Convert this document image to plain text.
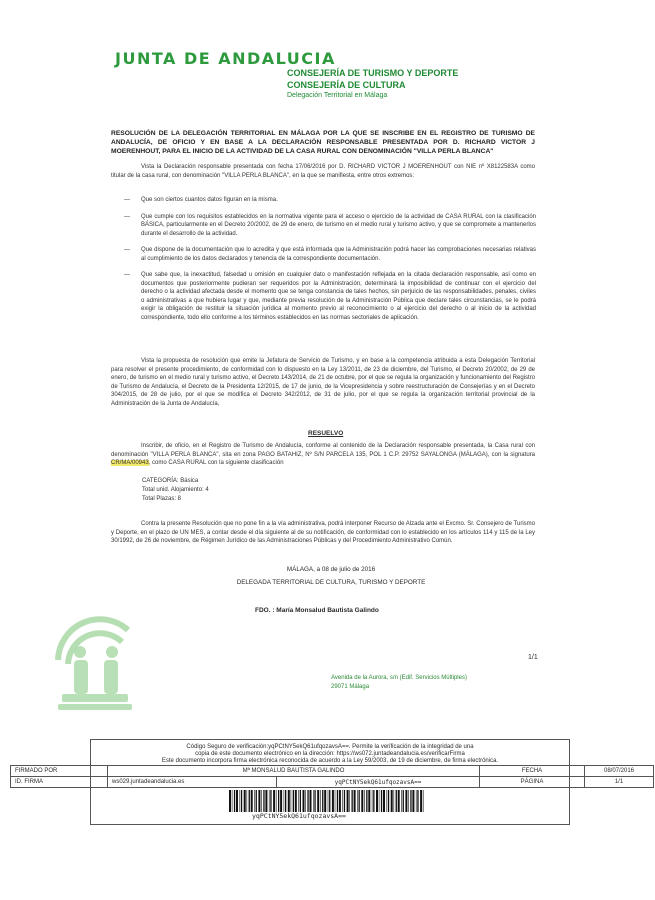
JUNTA DE ANDALUCIA
CONSEJERÍA DE TURISMO Y DEPORTE
CONSEJERÍA DE CULTURA
Delegación Territorial en Málaga
RESOLUCIÓN DE LA DELEGACIÓN TERRITORIAL EN MÁLAGA POR LA QUE SE INSCRIBE EN EL REGISTRO DE TURISMO DE ANDALUCÍA, DE OFICIO Y EN BASE A LA DECLARACIÓN RESPONSABLE PRESENTADA POR D. RICHARD VICTOR J MOERENHOUT, PARA EL INICIO DE LA ACTIVIDAD DE LA CASA RURAL CON DENOMINACIÓN "VILLA PERLA BLANCA"
Vista la Declaración responsable presentada con fecha 17/06/2016 por D. RICHARD VICTOR J MOERENHOUT con NIE nº X8122583A como titular de la casa rural, con denominación "VILLA PERLA BLANCA", en la que se manifiesta, entre otros extremos:
— Que son ciertos cuantos datos figuran en la misma.
— Que cumple con los requisitos establecidos en la normativa vigente para el acceso o ejercicio de la actividad de CASA RURAL con la clasificación BÁSICA, particularmente en el Decreto 20/2002, de 29 de enero, de turismo en el medio rural y turismo activo, y que se compromete a mantenerlos durante el desarrollo de la actividad.
— Que dispone de la documentación que lo acredita y que está informada que la Administración podrá hacer las comprobaciones necesarias relativas al cumplimiento de los datos declarados y tenencia de la correspondiente documentación.
— Que sabe que, la inexactitud, falsedad u omisión en cualquier dato o manifestación reflejada en la citada declaración responsable, así como en documentos que posteriormente pudieran ser requeridos por la Administración, determinará la imposibilidad de continuar con el ejercicio del derecho o la actividad afectada desde el momento que se tenga constancia de tales hechos, sin perjuicio de las responsabilidades, penales, civiles o administrativas a que hubiera lugar y que, mediante previa resolución de la Administración Pública que declare tales circunstancias, se le podrá exigir la obligación de restituir la situación jurídica al momento previo al reconocimiento o al ejercicio del derecho o al inicio de la actividad correspondiente, todo ello conforme a los términos establecidos en las normas sectoriales de aplicación.
Vista la propuesta de resolución que emite la Jefatura de Servicio de Turismo, y en base a la competencia atribuida a esta Delegación Territorial para resolver el presente procedimiento, de conformidad con lo dispuesto en la Ley 13/2011, de 23 de diciembre, del Turismo, el Decreto 20/2002, de 29 de enero, de turismo en el medio rural y turismo activo, el Decreto 143/2014, de 21 de octubre, por el que se regula la organización y funcionamiento del Registro de Turismo de Andalucía, el Decreto de la Presidenta 12/2015, de 17 de junio, de la Vicepresidencia y sobre reestructuración de Consejerías y en el Decreto 304/2015, de 28 de julio, por el que se modifica el Decreto 342/2012, de 31 de julio, por el que se regula la organización territorial provincial de la Administración de la Junta de Andalucía,
RESUELVO
Inscribir, de oficio, en el Registro de Turismo de Andalucía, conforme al contenido de la Declaración responsable presentada, la Casa rural con denominación "VILLA PERLA BLANCA", sita en zona PAGO BATAHIZ, Nº S/N PARCELA 135, POL 1 C.P. 29752 SAYALONGA (MÁLAGA), con la signatura CR/MA/00943, como CASA RURAL con la siguiente clasificación
CATEGORÍA: Básica
Total unid. Alojamiento: 4
Total Plazas: 8
Contra la presente Resolución que no pone fin a la vía administrativa, podrá interponer Recurso de Alzada ante el Excmo. Sr. Consejero de Turismo y Deporte, en el plazo de UN MES, a contar desde el día siguiente al de su notificación, de conformidad con lo establecido en los artículos 114 y 115 de la Ley 30/1992, de 26 de noviembre, de Régimen Jurídico de las Administraciones Públicas y del Procedimiento Administrativo Común.
MÁLAGA, a 08 de julio de 2016
DELEGADA TERRITORIAL DE CULTURA, TURISMO Y DEPORTE
FDO. : María Monsalud Bautista Galindo
1/1
Avenida de la Aurora, s/n (Edif. Servicios Múltiples)
29071 Málaga
Código Seguro de verificación:yqPCtNY5ekQ61ufqozavsA==. Permite la verificación de la integridad de una
copia de este documento electrónico en la dirección: https://ws072.juntadeandalucia.es/verificarFirma
Este documento incorpora firma electrónica reconocida de acuerdo a la Ley 59/2003, de 19 de diciembre, de firma electrónica.
FIRMADO POR	Mª MONSALUD BAUTISTA GALINDO		FECHA	08/07/2016
ID. FIRMA	ws029.juntadeandalucia.es	yqPCtNY5ekQ61ufqozavsA==	PÁGINA	1/1
yqPCtNY5ekQ61ufqozavsA==
